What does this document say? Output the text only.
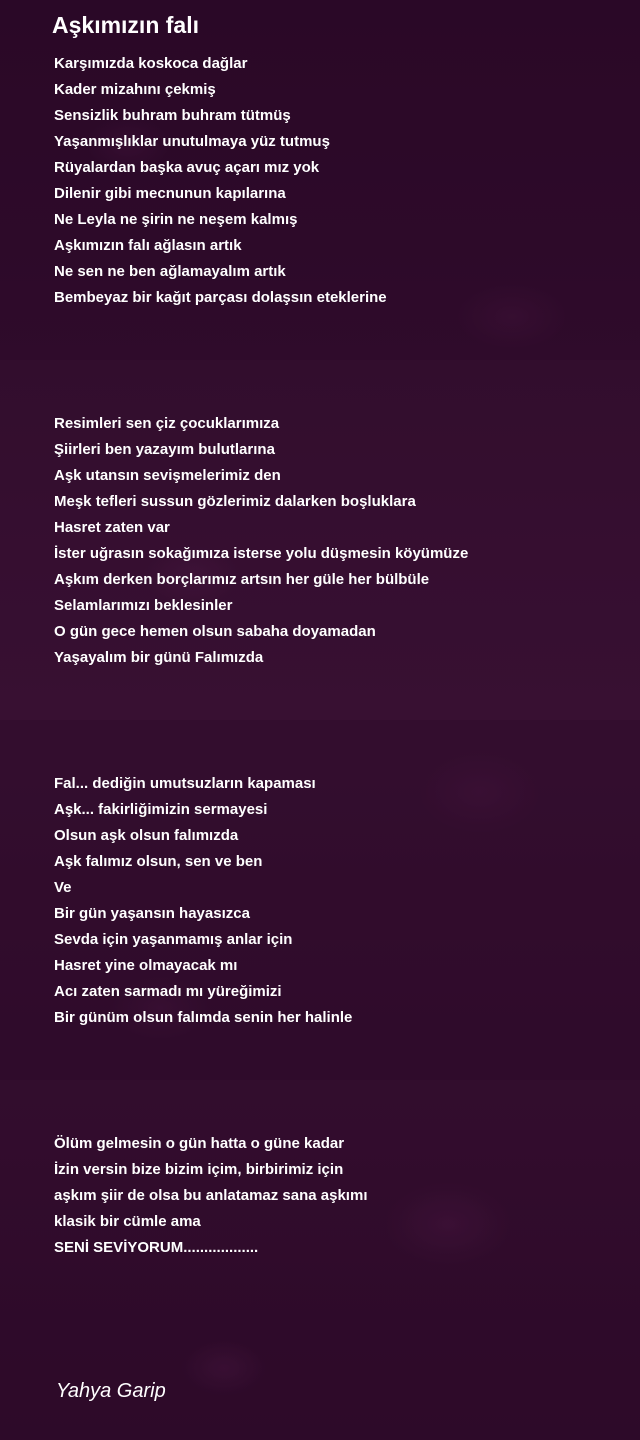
Aşkımızın falı
Karşımızda koskoca dağlar
Kader mizahını çekmiş
Sensizlik buhram buhram tütmüş
Yaşanmışlıklar unutulmaya yüz tutmuş
Rüyalardan başka avuç açarı mız yok
Dilenir gibi mecnunun kapılarına
Ne Leyla ne şirin ne neşem kalmış
Aşkımızın falı ağlasın artık
Ne sen ne ben ağlamayalım artık
Bembeyaz bir kağıt parçası dolaşsın eteklerine
Resimleri sen çiz çocuklarımıza
Şiirleri ben yazayım bulutlarına
Aşk utansın sevişmelerimiz den
Meşk tefleri sussun gözlerimiz dalarken boşluklara
Hasret zaten var
İster uğrasın sokağımıza isterse yolu düşmesin köyümüze
Aşkım derken borçlarımız artsın her güle her bülbüle
Selamlarımızı beklesinler
O gün gece hemen olsun sabaha doyamadan
Yaşayalım bir günü Falımızda
Fal... dediğin umutsuzların kapaması
Aşk... fakirliğimizin sermayesi
Olsun aşk olsun falımızda
Aşk falımız olsun, sen ve ben
Ve
Bir gün yaşansın hayasızca
Sevda için yaşanmamış anlar için
Hasret yine olmayacak mı
Acı zaten sarmadı mı yüreğimizi
Bir günüm olsun falımda senin her halinle
Ölüm gelmesin o gün hatta o güne kadar
İzin versin bize bizim içim, birbirimiz için
aşkım şiir de olsa bu anlatamaz sana aşkımı
klasik bir cümle ama
SENİ SEVİYORUM..................
Yahya Garip
